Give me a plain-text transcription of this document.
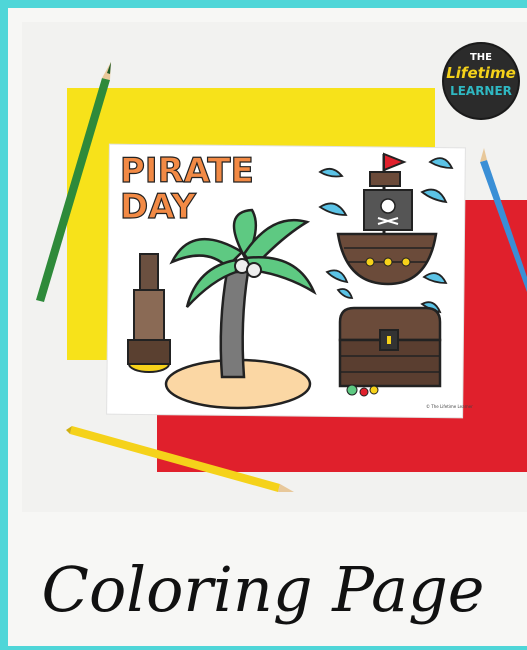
PIRATE
DAY
© The Lifetime Learner
THE
Lifetime
LEARNER
Coloring Page
